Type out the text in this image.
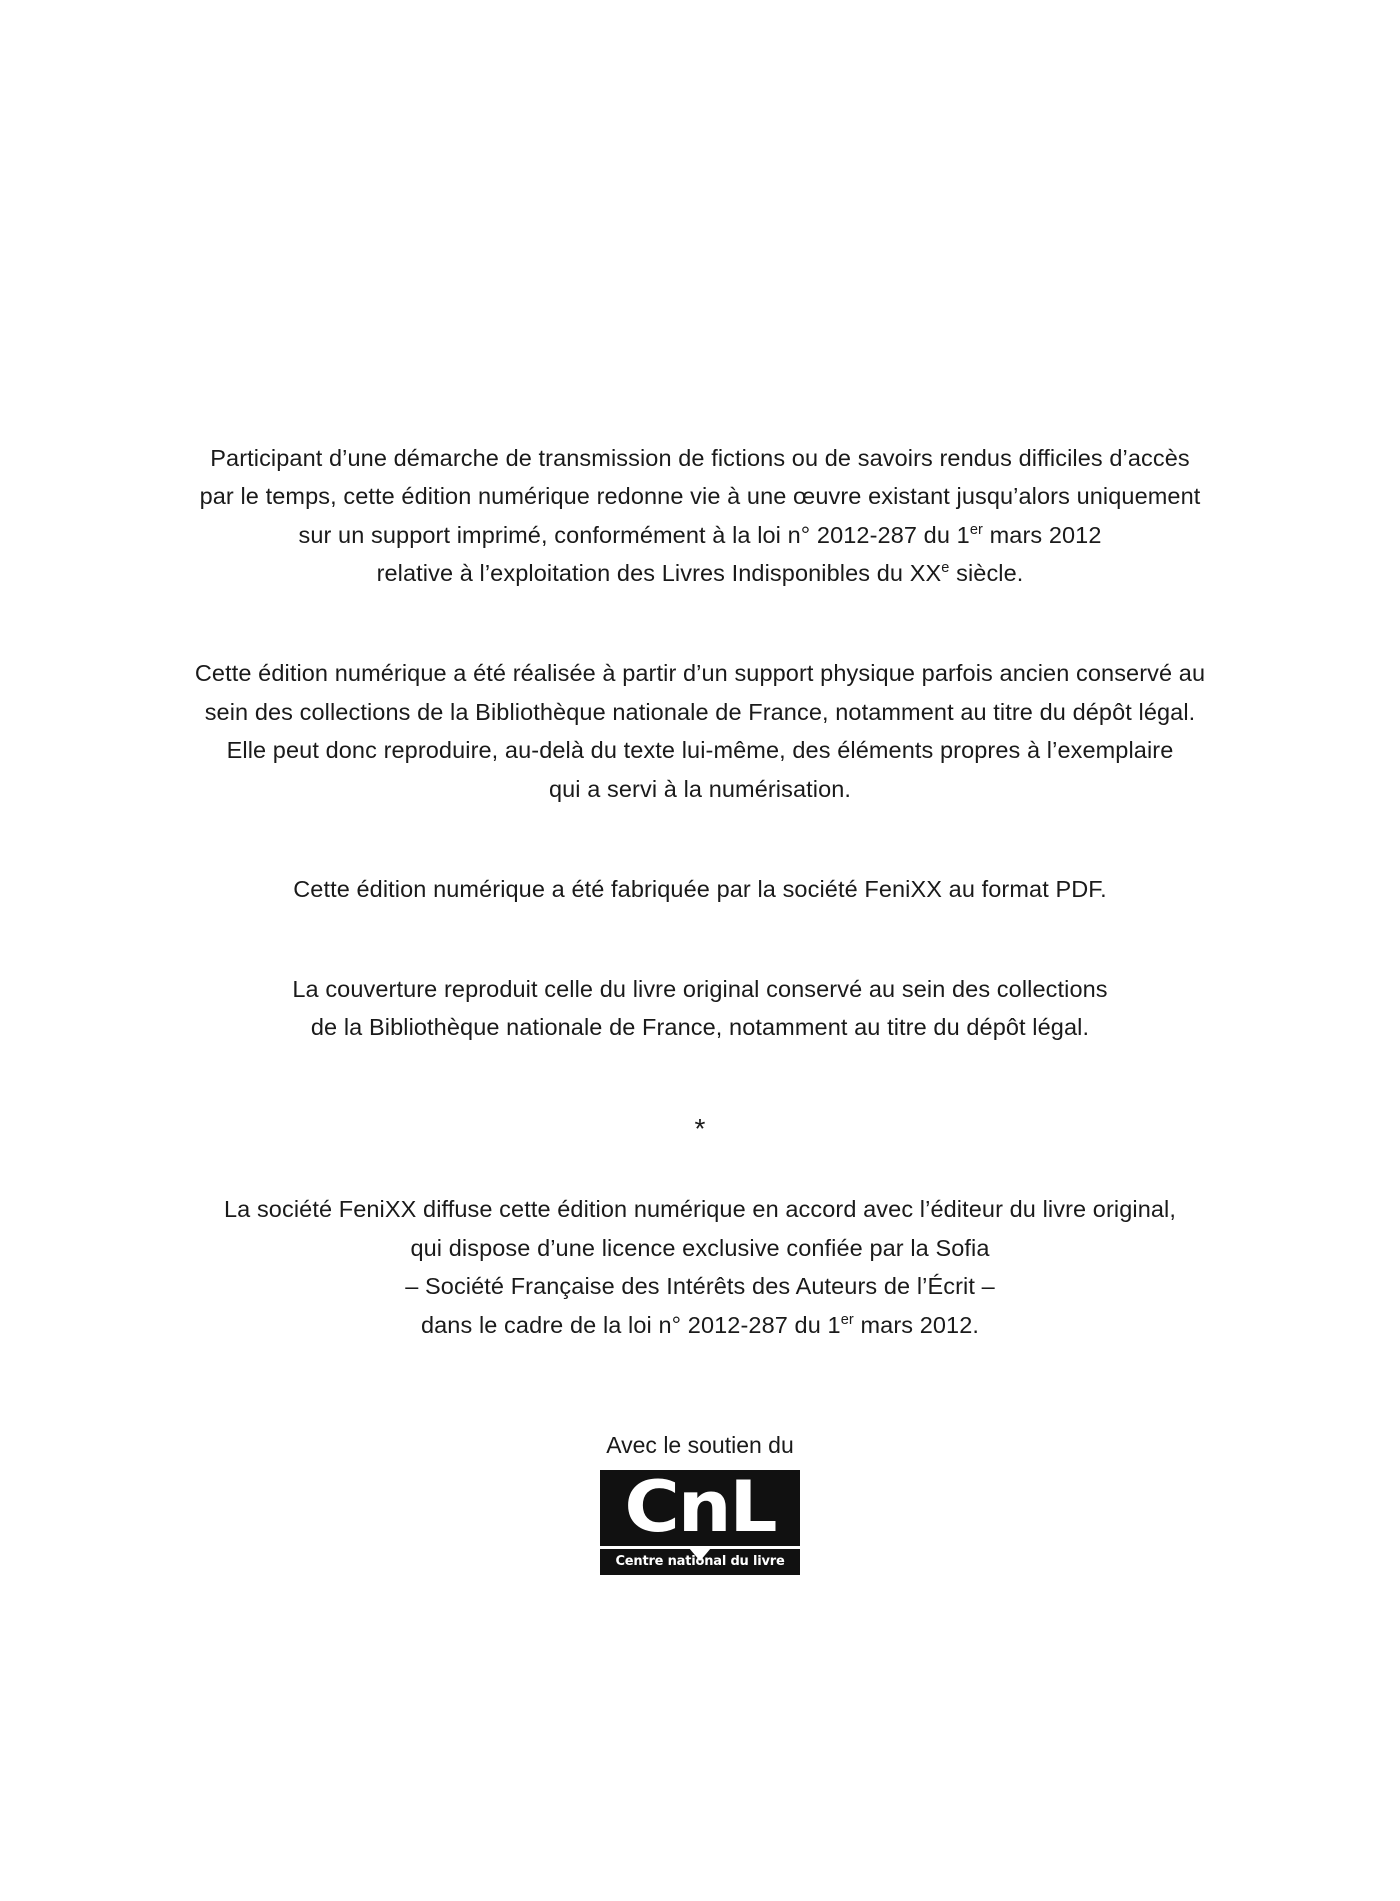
Participant d’une démarche de transmission de fictions ou de savoirs rendus difficiles d’accès
par le temps, cette édition numérique redonne vie à une œuvre existant jusqu’alors uniquement
sur un support imprimé, conformément à la loi n° 2012-287 du 1er mars 2012
relative à l’exploitation des Livres Indisponibles du XXe siècle.

Cette édition numérique a été réalisée à partir d’un support physique parfois ancien conservé au
sein des collections de la Bibliothèque nationale de France, notamment au titre du dépôt légal.
Elle peut donc reproduire, au-delà du texte lui-même, des éléments propres à l’exemplaire
qui a servi à la numérisation.

Cette édition numérique a été fabriquée par la société FeniXX au format PDF.

La couverture reproduit celle du livre original conservé au sein des collections
de la Bibliothèque nationale de France, notamment au titre du dépôt légal.

*

La société FeniXX diffuse cette édition numérique en accord avec l’éditeur du livre original,
qui dispose d’une licence exclusive confiée par la Sofia
– Société Française des Intérêts des Auteurs de l’Écrit –
dans le cadre de la loi n° 2012-287 du 1er mars 2012.

Avec le soutien du
CnL
Centre national du livre
